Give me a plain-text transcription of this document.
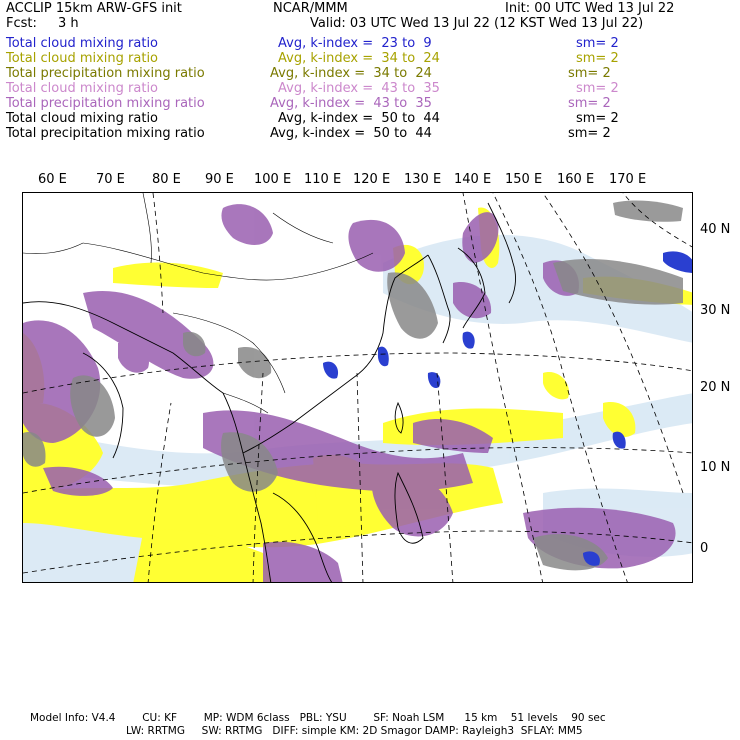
ACCLIP 15km ARW-GFS init	NCAR/MMM	Init: 00 UTC Wed 13 Jul 22
Fcst: 3 h	Valid: 03 UTC Wed 13 Jul 22 (12 KST Wed 13 Jul 22)
Total cloud mixing ratio	Avg, k-index =  23 to  9	sm= 2
Total cloud mixing ratio	Avg, k-index =  34 to  24	sm= 2
Total precipitation mixing ratio	Avg, k-index =  34 to  24	sm= 2
Total cloud mixing ratio	Avg, k-index =  43 to  35	sm= 2
Total precipitation mixing ratio	Avg, k-index =  43 to  35	sm= 2
Total cloud mixing ratio	Avg, k-index =  50 to  44	sm= 2
Total precipitation mixing ratio	Avg, k-index =  50 to  44	sm= 2
60 E 70 E 80 E 90 E 100 E 110 E 120 E 130 E 140 E 150 E 160 E 170 E
40 N
30 N
20 N
10 N
0
Model Info: V4.4        CU: KF        MP: WDM 6class   PBL: YSU        SF: Noah LSM      15 km    51 levels    90 sec
LW: RRTMG     SW: RRTMG   DIFF: simple KM: 2D Smagor DAMP: Rayleigh3  SFLAY: MM5
